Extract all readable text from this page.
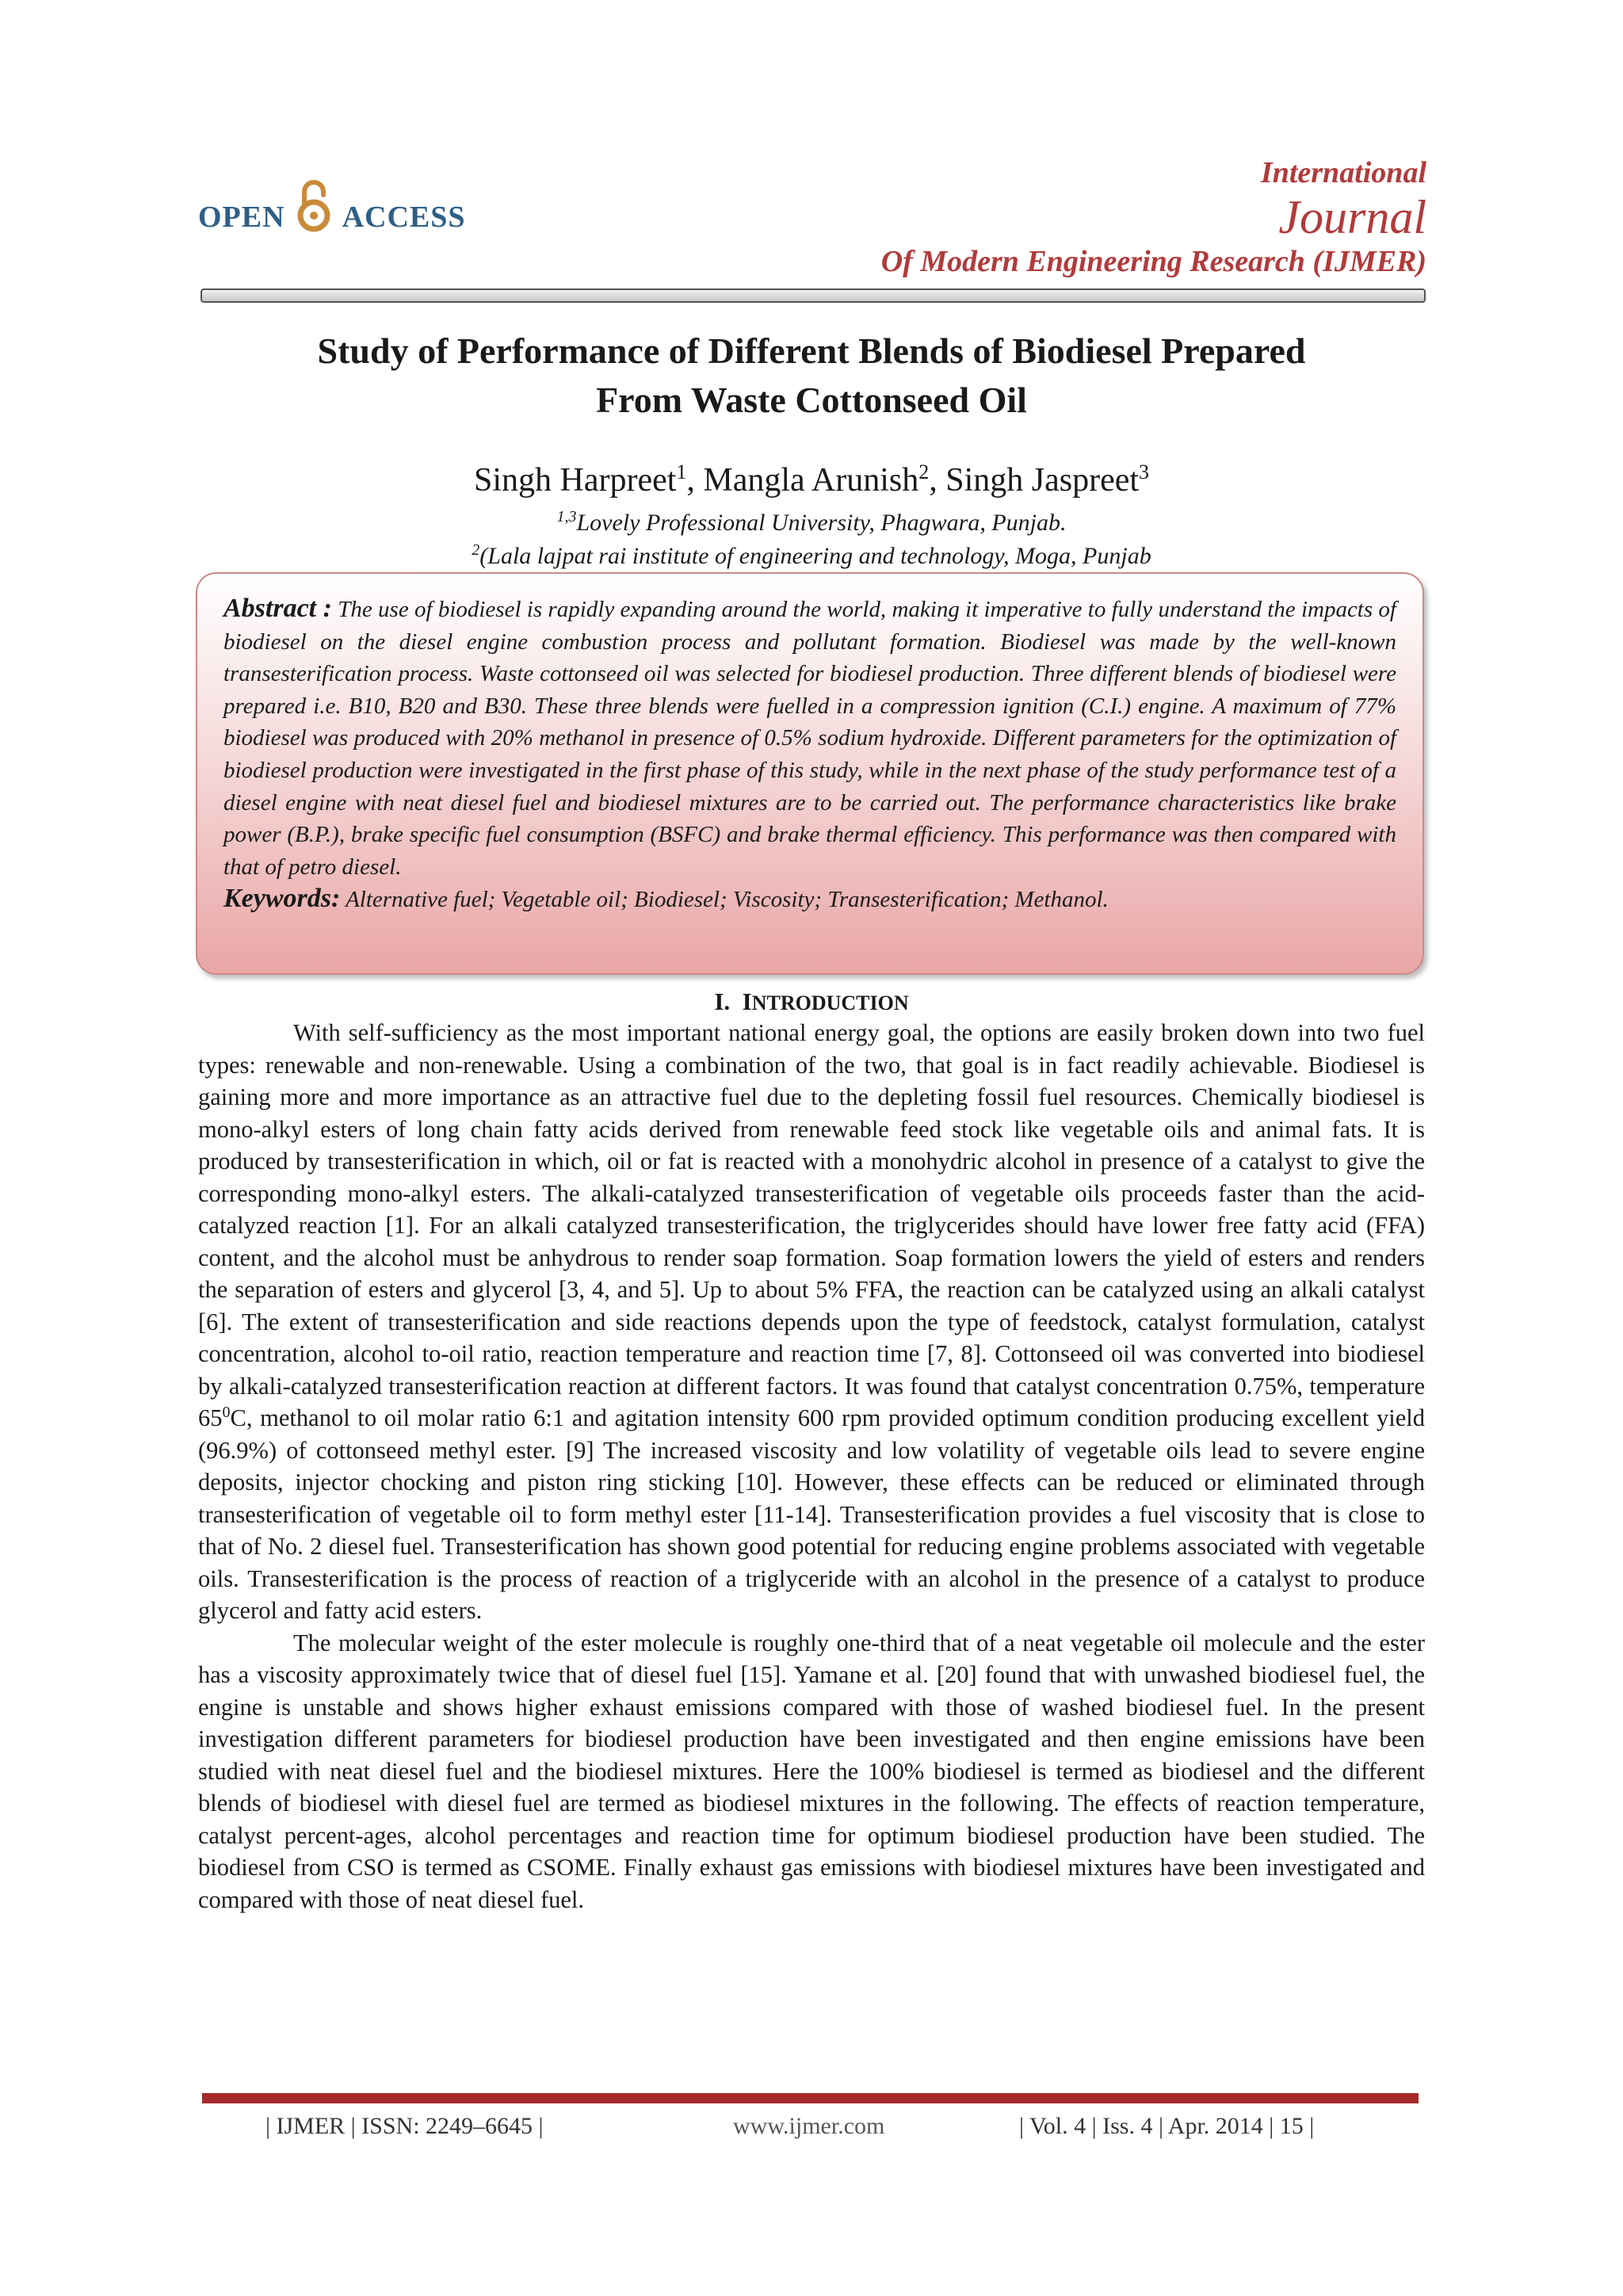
OPEN ACCESS
International
Journal
Of Modern Engineering Research (IJMER)
Study of Performance of Different Blends of Biodiesel Prepared
From Waste Cottonseed Oil
Singh Harpreet$^1$, Mangla Arunish$^2$, Singh Jaspreet$^3$
$^{1,3}$Lovely Professional University, Phagwara, Punjab.
$^2$(Lala lajpat rai institute of engineering and technology, Moga, Punjab
Abstract : The use of biodiesel is rapidly expanding around the world, making it imperative to fully understand the impacts of biodiesel on the diesel engine combustion process and pollutant formation. Biodiesel was made by the well-known transesterification process. Waste cottonseed oil was selected for biodiesel production. Three different blends of biodiesel were prepared i.e. B10, B20 and B30. These three blends were fuelled in a compression ignition (C.I.) engine. A maximum of 77% biodiesel was produced with 20% methanol in presence of 0.5% sodium hydroxide. Different parameters for the optimization of biodiesel production were investigated in the first phase of this study, while in the next phase of the study performance test of a diesel engine with neat diesel fuel and biodiesel mixtures are to be carried out. The performance characteristics like brake power (B.P.), brake specific fuel consumption (BSFC) and brake thermal efficiency. This performance was then compared with that of petro diesel.
Keywords: Alternative fuel; Vegetable oil; Biodiesel; Viscosity; Transesterification; Methanol.
I. INTRODUCTION

With self-sufficiency as the most important national energy goal, the options are easily broken down into two fuel types: renewable and non-renewable. Using a combination of the two, that goal is in fact readily achievable. Biodiesel is gaining more and more importance as an attractive fuel due to the depleting fossil fuel resources. Chemically biodiesel is mono-alkyl esters of long chain fatty acids derived from renewable feed stock like vegetable oils and animal fats. It is produced by transesterification in which, oil or fat is reacted with a monohydric alcohol in presence of a catalyst to give the corresponding mono-alkyl esters. The alkali-catalyzed transesterification of vegetable oils proceeds faster than the acid-catalyzed reaction [1]. For an alkali catalyzed transesterification, the triglycerides should have lower free fatty acid (FFA) content, and the alcohol must be anhydrous to render soap formation. Soap formation lowers the yield of esters and renders the separation of esters and glycerol [3, 4, and 5]. Up to about 5% FFA, the reaction can be catalyzed using an alkali catalyst [6]. The extent of transesterification and side reactions depends upon the type of feedstock, catalyst formulation, catalyst concentration, alcohol to-oil ratio, reaction temperature and reaction time [7, 8]. Cottonseed oil was converted into biodiesel by alkali-catalyzed transesterification reaction at different factors. It was found that catalyst concentration 0.75%, temperature $65^0C$, methanol to oil molar ratio 6:1 and agitation intensity 600 rpm provided optimum condition producing excellent yield (96.9%) of cottonseed methyl ester. [9] The increased viscosity and low volatility of vegetable oils lead to severe engine deposits, injector chocking and piston ring sticking [10]. However, these effects can be reduced or eliminated through transesterification of vegetable oil to form methyl ester [11-14]. Transesterification provides a fuel viscosity that is close to that of No. 2 diesel fuel. Transesterification has shown good potential for reducing engine problems associated with vegetable oils. Transesterification is the process of reaction of a triglyceride with an alcohol in the presence of a catalyst to produce glycerol and fatty acid esters.

The molecular weight of the ester molecule is roughly one-third that of a neat vegetable oil molecule and the ester has a viscosity approximately twice that of diesel fuel [15]. Yamane et al. [20] found that with unwashed biodiesel fuel, the engine is unstable and shows higher exhaust emissions compared with those of washed biodiesel fuel. In the present investigation different parameters for biodiesel production have been investigated and then engine emissions have been studied with neat diesel fuel and the biodiesel mixtures. Here the 100% biodiesel is termed as biodiesel and the different blends of biodiesel with diesel fuel are termed as biodiesel mixtures in the following. The effects of reaction temperature, catalyst percent-ages, alcohol percentages and reaction time for optimum biodiesel production have been studied. The biodiesel from CSO is termed as CSOME. Finally exhaust gas emissions with biodiesel mixtures have been investigated and compared with those of neat diesel fuel.

| IJMER | ISSN: 2249–6645 |	www.ijmer.com	| Vol. 4 | Iss. 4 | Apr. 2014 | 15 |
